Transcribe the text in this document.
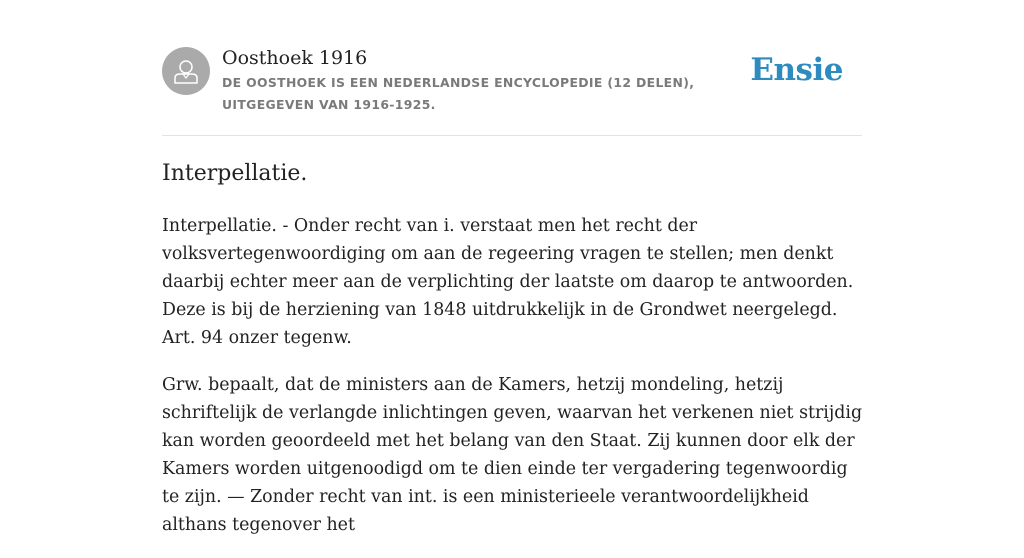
Oosthoek 1916
DE OOSTHOEK IS EEN NEDERLANDSE ENCYCLOPEDIE (12 DELEN), UITGEGEVEN VAN 1916-1925.
Ensie
Interpellatie.

Interpellatie. - Onder recht van i. verstaat men het recht der volksvertegenwoordiging om aan de regeering vragen te stellen; men denkt daarbij echter meer aan de verplichting der laatste om daarop te antwoorden. Deze is bij de herziening van 1848 uitdrukkelijk in de Grondwet neergelegd. Art. 94 onzer tegenw.

Grw. bepaalt, dat de ministers aan de Kamers, hetzij mondeling, hetzij schriftelijk de verlangde inlichtingen geven, waarvan het verkenen niet strijdig kan worden geoordeeld met het belang van den Staat. Zij kunnen door elk der Kamers worden uitgenoodigd om te dien einde ter vergadering tegenwoordig te zijn. — Zonder recht van int. is een ministerieele verantwoordelijkheid althans tegenover het
